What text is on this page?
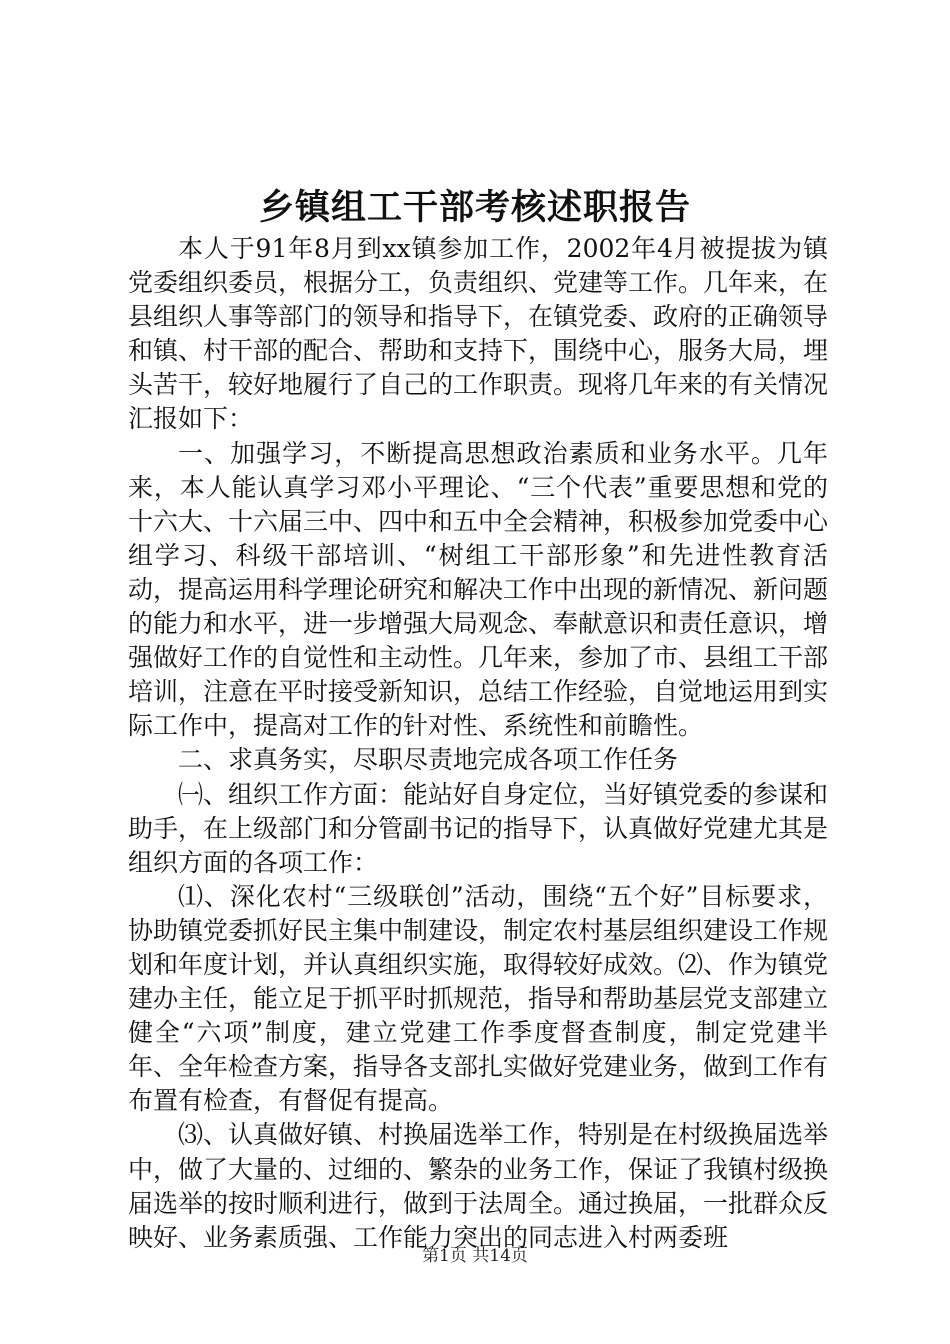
乡镇组工干部考核述职报告

本人于91年8月到xx镇参加工作，2002年4月被提拔为镇党委组织委员，根据分工，负责组织、党建等工作。几年来，在县组织人事等部门的领导和指导下，在镇党委、政府的正确领导和镇、村干部的配合、帮助和支持下，围绕中心，服务大局，埋头苦干，较好地履行了自己的工作职责。现将几年来的有关情况汇报如下：

一、加强学习，不断提高思想政治素质和业务水平。几年来，本人能认真学习邓小平理论、“三个代表”重要思想和党的十六大、十六届三中、四中和五中全会精神，积极参加党委中心组学习、科级干部培训、“树组工干部形象”和先进性教育活动，提高运用科学理论研究和解决工作中出现的新情况、新问题的能力和水平，进一步增强大局观念、奉献意识和责任意识，增强做好工作的自觉性和主动性。几年来，参加了市、县组工干部培训，注意在平时接受新知识，总结工作经验，自觉地运用到实际工作中，提高对工作的针对性、系统性和前瞻性。

二、求真务实，尽职尽责地完成各项工作任务

㈠、组织工作方面：能站好自身定位，当好镇党委的参谋和助手，在上级部门和分管副书记的指导下，认真做好党建尤其是组织方面的各项工作：

⑴、深化农村“三级联创”活动，围绕“五个好”目标要求，协助镇党委抓好民主集中制建设，制定农村基层组织建设工作规划和年度计划，并认真组织实施，取得较好成效。⑵、作为镇党建办主任，能立足于抓平时抓规范，指导和帮助基层党支部建立健全“六项”制度，建立党建工作季度督查制度，制定党建半年、全年检查方案，指导各支部扎实做好党建业务，做到工作有布置有检查，有督促有提高。

⑶、认真做好镇、村换届选举工作，特别是在村级换届选举中，做了大量的、过细的、繁杂的业务工作，保证了我镇村级换届选举的按时顺利进行，做到于法周全。通过换届，一批群众反映好、业务素质强、工作能力突出的同志进入村两委班

第1页 共14页
